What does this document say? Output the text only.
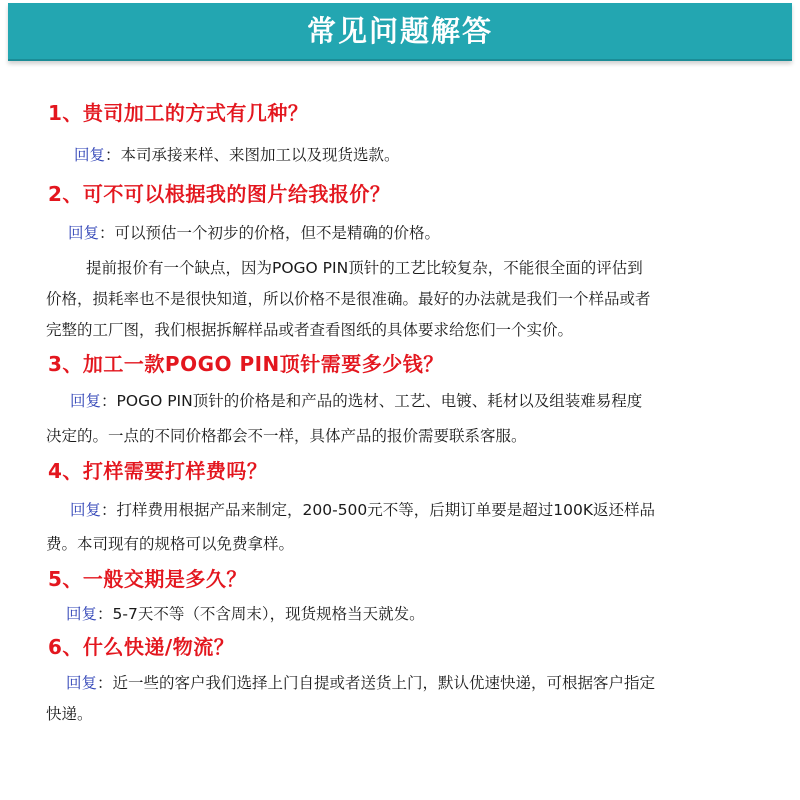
常见问题解答
1、贵司加工的方式有几种？
回复：本司承接来样、来图加工以及现货选款。
2、可不可以根据我的图片给我报价？
回复：可以预估一个初步的价格，但不是精确的价格。
提前报价有一个缺点，因为POGO PIN顶针的工艺比较复杂，不能很全面的评估到
价格，损耗率也不是很快知道，所以价格不是很准确。最好的办法就是我们一个样品或者
完整的工厂图，我们根据拆解样品或者查看图纸的具体要求给您们一个实价。
3、加工一款POGO PIN顶针需要多少钱？
回复：POGO PIN顶针的价格是和产品的选材、工艺、电镀、耗材以及组装难易程度
决定的。一点的不同价格都会不一样，具体产品的报价需要联系客服。
4、打样需要打样费吗？
回复：打样费用根据产品来制定，200-500元不等，后期订单要是超过100K返还样品
费。本司现有的规格可以免费拿样。
5、一般交期是多久？
回复：5-7天不等（不含周末），现货规格当天就发。
6、什么快递/物流？
回复：近一些的客户我们选择上门自提或者送货上门，默认优速快递，可根据客户指定
快递。
